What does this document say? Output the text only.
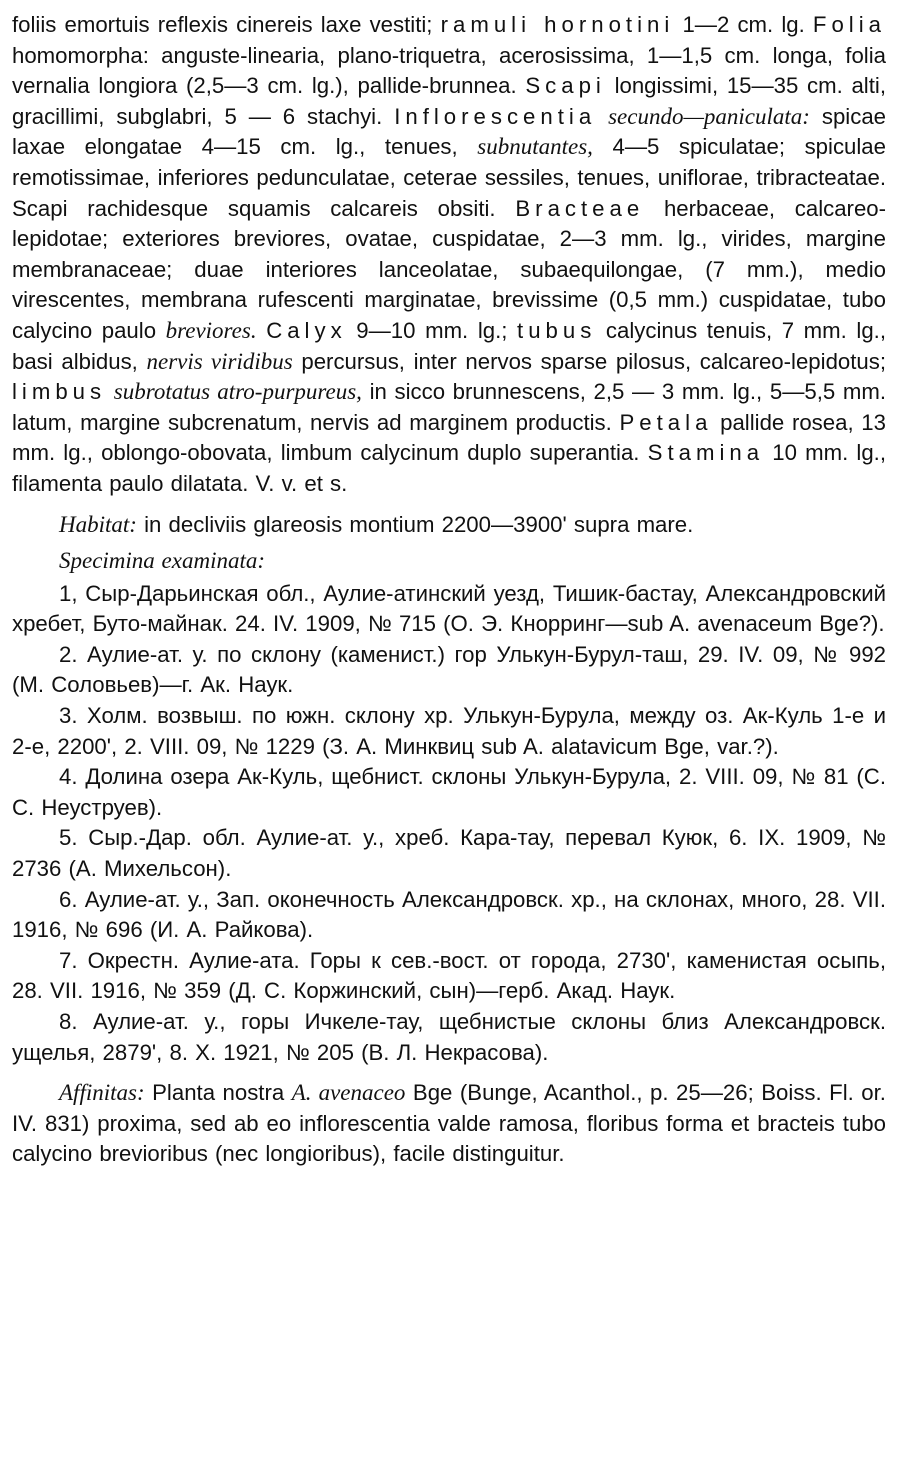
foliis emortuis reflexis cinereis laxe vestiti; ramuli hornotini 1—2 cm. lg. Folia homomorpha: anguste-linearia, plano-triquetra, acerosissima, 1—1,5 cm. longa, folia vernalia longiora (2,5—3 cm. lg.), pallide-brunnea. Scapi longissimi, 15—35 cm. alti, gracillimi, subglabri, 5 — 6 stachyi. Inflorescentia secundo—paniculata: spicae laxae elongatae 4—15 cm. lg., tenues, subnutantes, 4—5 spiculatae; spiculae remotissimae, inferiores pedunculatae, ceterae sessiles, tenues, uniflorae, tribracteatae. Scapi rachidesque squamis calcareis obsiti. Bracteae herbaceae, calcareo-lepidotae; exteriores breviores, ovatae, cuspidatae, 2—3 mm. lg., virides, margine membranaceae; duae interiores lanceolatae, subaequilongae, (7 mm.), medio virescentes, membrana rufescenti marginatae, brevissime (0,5 mm.) cuspidatae, tubo calycino paulo breviores. Calyx 9—10 mm. lg.; tubus calycinus tenuis, 7 mm. lg., basi albidus, nervis viridibus percursus, inter nervos sparse pilosus, calcareo-lepidotus; limbus subrotatus atro-purpureus, in sicco brunnescens, 2,5 — 3 mm. lg., 5—5,5 mm. latum, margine subcrenatum, nervis ad marginem productis. Petala pallide rosea, 13 mm. lg., oblongo-obovata, limbum calycinum duplo superantia. Stamina 10 mm. lg., filamenta paulo dilatata. V. v. et s.

Habitat: in decliviis glareosis montium 2200—3900' supra mare.

Specimina examinata:

1, Сыр-Дарьинская обл., Аулие-атинский уезд, Тишик-бастау, Александровский хребет, Буто-майнак. 24. IV. 1909, № 715 (О. Э. Кнорринг—sub A. avenaceum Bge?).

2. Аулие-ат. у. по склону (каменист.) гор Улькун-Бурул-таш, 29. IV. 09, № 992 (М. Соловьев)—г. Ак. Наук.

3. Холм. возвыш. по южн. склону хр. Улькун-Бурула, между оз. Ак-Куль 1-е и 2-е, 2200', 2. VIII. 09, № 1229 (З. А. Минквиц sub A. alatavicum Bge, var.?).

4. Долина озера Ак-Куль, щебнист. склоны Улькун-Бурула, 2. VIII. 09, № 81 (С. С. Неуструев).

5. Сыр.-Дар. обл. Аулие-ат. у., хреб. Кара-тау, перевал Куюк, 6. IX. 1909, № 2736 (А. Михельсон).

6. Аулие-ат. у., Зап. оконечность Александровск. хр., на склонах, много, 28. VII. 1916, № 696 (И. А. Райкова).

7. Окрестн. Аулие-ата. Горы к сев.-вост. от города, 2730', каменистая осыпь, 28. VII. 1916, № 359 (Д. С. Коржинский, сын)—герб. Акад. Наук.

8. Аулие-ат. у., горы Ичкеле-тау, щебнистые склоны близ Александровск. ущелья, 2879', 8. X. 1921, № 205 (В. Л. Некрасова).

Affinitas: Planta nostra A. avenaceo Bge (Bunge, Acanthol., p. 25—26; Boiss. Fl. or. IV. 831) proxima, sed ab eo inflorescentia valde ramosa, floribus forma et bracteis tubo calycino brevioribus (nec longioribus), facile distinguitur.
